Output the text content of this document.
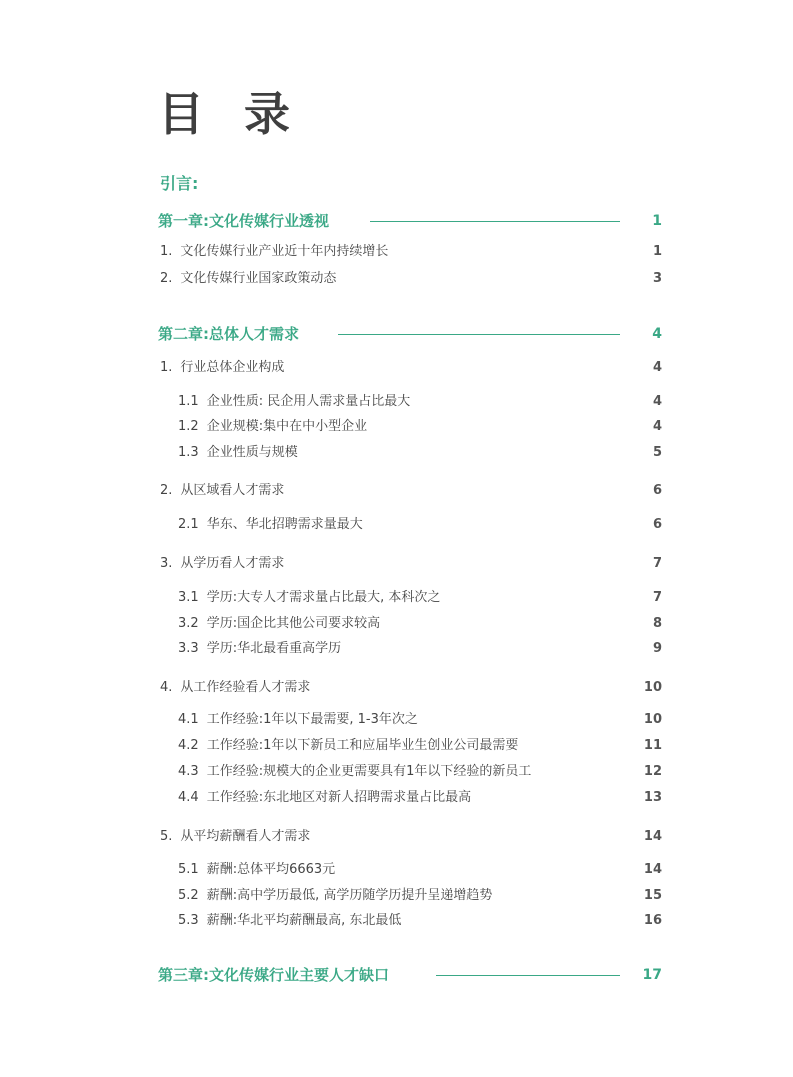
目 录
引言:
第一章:文化传媒行业透视	1
1. 文化传媒行业产业近十年内持续增长	1
2. 文化传媒行业国家政策动态	3
第二章:总体人才需求	4
1. 行业总体企业构成	4
1.1 企业性质: 民企用人需求量占比最大	4
1.2 企业规模:集中在中小型企业	4
1.3 企业性质与规模	5
2. 从区域看人才需求	6
2.1 华东、华北招聘需求量最大	6
3. 从学历看人才需求	7
3.1 学历:大专人才需求量占比最大, 本科次之	7
3.2 学历:国企比其他公司要求较高	8
3.3 学历:华北最看重高学历	9
4. 从工作经验看人才需求	10
4.1 工作经验:1年以下最需要, 1-3年次之	10
4.2 工作经验:1年以下新员工和应届毕业生创业公司最需要	11
4.3 工作经验:规模大的企业更需要具有1年以下经验的新员工	12
4.4 工作经验:东北地区对新人招聘需求量占比最高	13
5. 从平均薪酬看人才需求	14
5.1 薪酬:总体平均6663元	14
5.2 薪酬:高中学历最低, 高学历随学历提升呈递增趋势	15
5.3 薪酬:华北平均薪酬最高, 东北最低	16
第三章:文化传媒行业主要人才缺口	17
